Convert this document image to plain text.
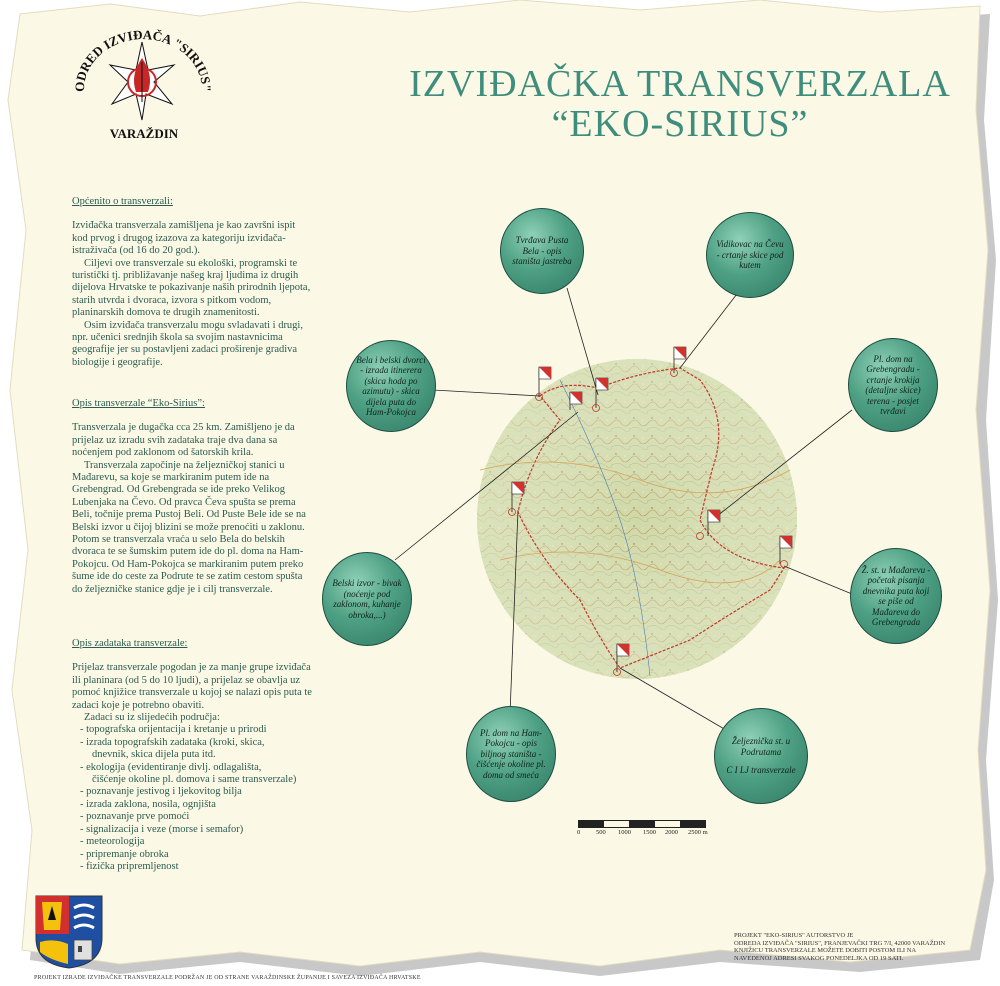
ODRED IZVIĐAČA "SIRIUS"
VARAŽDIN
IZVIĐAČKA TRANSVERZALA
“EKO-SIRIUS”
Općenito o transverzali:

Izviđačka transverzala zamišljena je kao završni ispit kod prvog i drugog izazova za kategoriju izviđača-istraživača (od 16 do 20 god.).

Ciljevi ove transverzale su ekološki, programski te turistički tj. približavanje našeg kraj ljudima iz drugih dijelova Hrvatske te pokazivanje naših prirodnih ljepota, starih utvrda i dvoraca, izvora s pitkom vodom, planinarskih domova te drugih znamenitosti.

Osim izviđača transverzalu mogu svladavati i drugi, npr. učenici srednjih škola sa svojim nastavnicima geografije jer su postavljeni zadaci proširenje gradiva biologije i geografije.

Opis transverzale “Eko-Sirius”:

Transverzala je dugačka cca 25 km. Zamišljeno je da prijelaz uz izradu svih zadataka traje dva dana sa noćenjem pod zaklonom od šatorskih krila.

Transverzala započinje na željezničkoj stanici u Mađarevu, sa koje se markiranim putem ide na Grebengrad. Od Grebengrada se ide preko Velikog Lubenjaka na Čevo. Od pravca Čeva spušta se prema Beli, točnije prema Pustoj Beli. Od Puste Bele ide se na Belski izvor u čijoj blizini se može prenoćiti u zaklonu. Potom se transverzala vraća u selo Bela do belskih dvoraca te se šumskim putem ide do pl. doma na Ham-Pokojcu. Od Ham-Pokojca se markiranim putem preko šume ide do ceste za Podrute te se zatim cestom spušta do željezničke stanice gdje je i cilj transverzale.

Opis zadataka transverzale:

Prijelaz transverzale pogodan je za manje grupe izviđača ili planinara (od 5 do 10 ljudi), a prijelaz se obavlja uz pomoć knjižice transverzale u kojoj se nalazi opis puta te zadaci koje je potrebno obaviti.

Zadaci su iz slijedećih područja:

- topografska orijentacija i kretanje u prirodi
- izrada topografskih zadataka (kroki, skica,
dnevnik, skica dijela puta itd.
- ekologija (evidentiranje divlj. odlagališta,
čišćenje okoline pl. domova i same transverzale)
- poznavanje jestivog i ljekovitog bilja
- izrada zaklona, nosila, ognjišta
- poznavanje prve pomoći
- signalizacija i veze (morse i semafor)
- meteorologija
- pripremanje obroka
- fizička pripremljenost
Tvrđava Pusta Bela - opis staništa jastreba
Vidikovac na Čevu - crtanje skice pod kutem
Bela i belski dvorci - izrada itinerera (skica hoda po azimutu) - skica dijela puta do Ham-Pokojca
Pl. dom na Grebengradu - crtanje krokija (detaljne skice) terena - posjet tvrđavi
Belski izvor - bivak (noćenje pod zaklonom, kuhanje obroka,...)
Ž. st. u Mađarevu - početak pisanja dnevnika puta koji se piše od Mađareva do Grebengrada
Pl. dom na Ham-Pokojcu - opis biljnog staništa - čišćenje okoline pl. doma od smeća
Željeznička st. u Podrutama
C I LJ transverzale
0 500 1000 1500 2000 2500 m
PROJEKT "EKO-SIRIUS" AUTORSTVO JE
ODREDA IZVIĐAČA "SIRIUS", FRANJEVAČKI TRG 7/I, 42000 VARAŽDIN
KNJIŽICU TRANSVERZALE MOŽETE DOBITI POSTOM ILI NA
NAVEDENOJ ADRESI SVAKOG PONEDELJKA OD 19 SATI.
PROJEKT IZRADE IZVIĐAČKE TRANSVERZALE PODRŽAN JE OD STRANE VARAŽDINSKE ŽUPANIJE I SAVEZA IZVIĐAČA HRVATSKE
